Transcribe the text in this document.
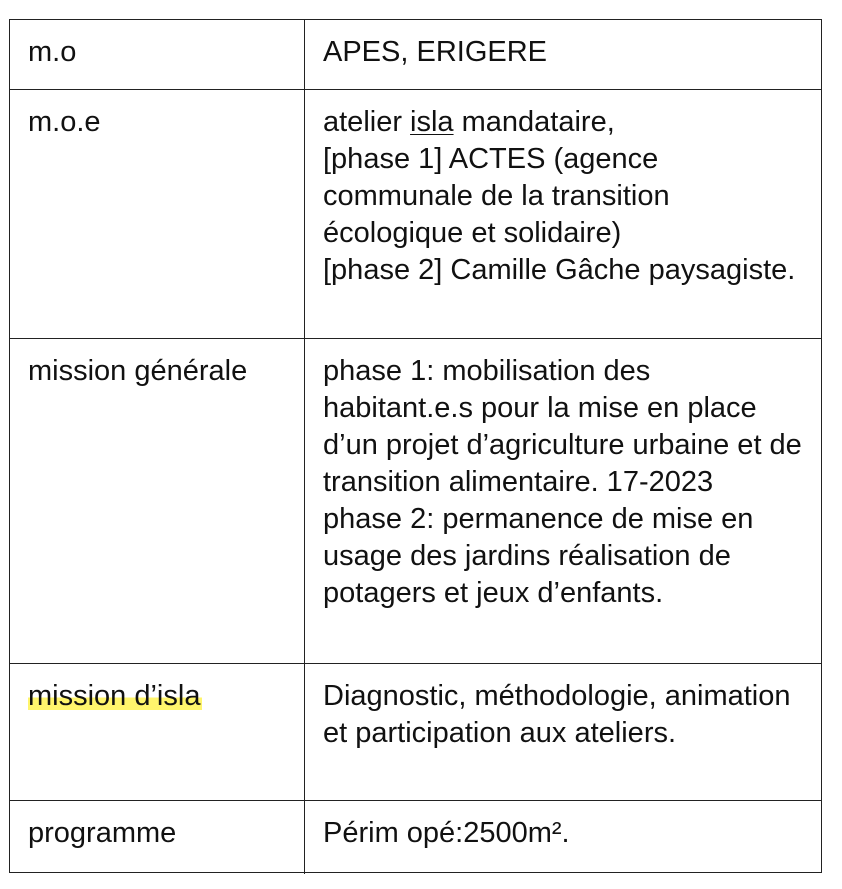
m.o	APES, ERIGERE
m.o.e	atelier isla mandataire,
[phase 1] ACTES (agence communale de la transition écologique et solidaire)
[phase 2] Camille Gâche paysagiste.
mission générale	phase 1: mobilisation des habitant.e.s pour la mise en place d’un projet d’agriculture urbaine et de transition alimentaire. 17-2023
phase 2: permanence de mise en usage des jardins réalisation de potagers et jeux d’enfants.
mission d’isla	Diagnostic, méthodologie, animation et participation aux ateliers.
programme	Périm opé:2500m².
